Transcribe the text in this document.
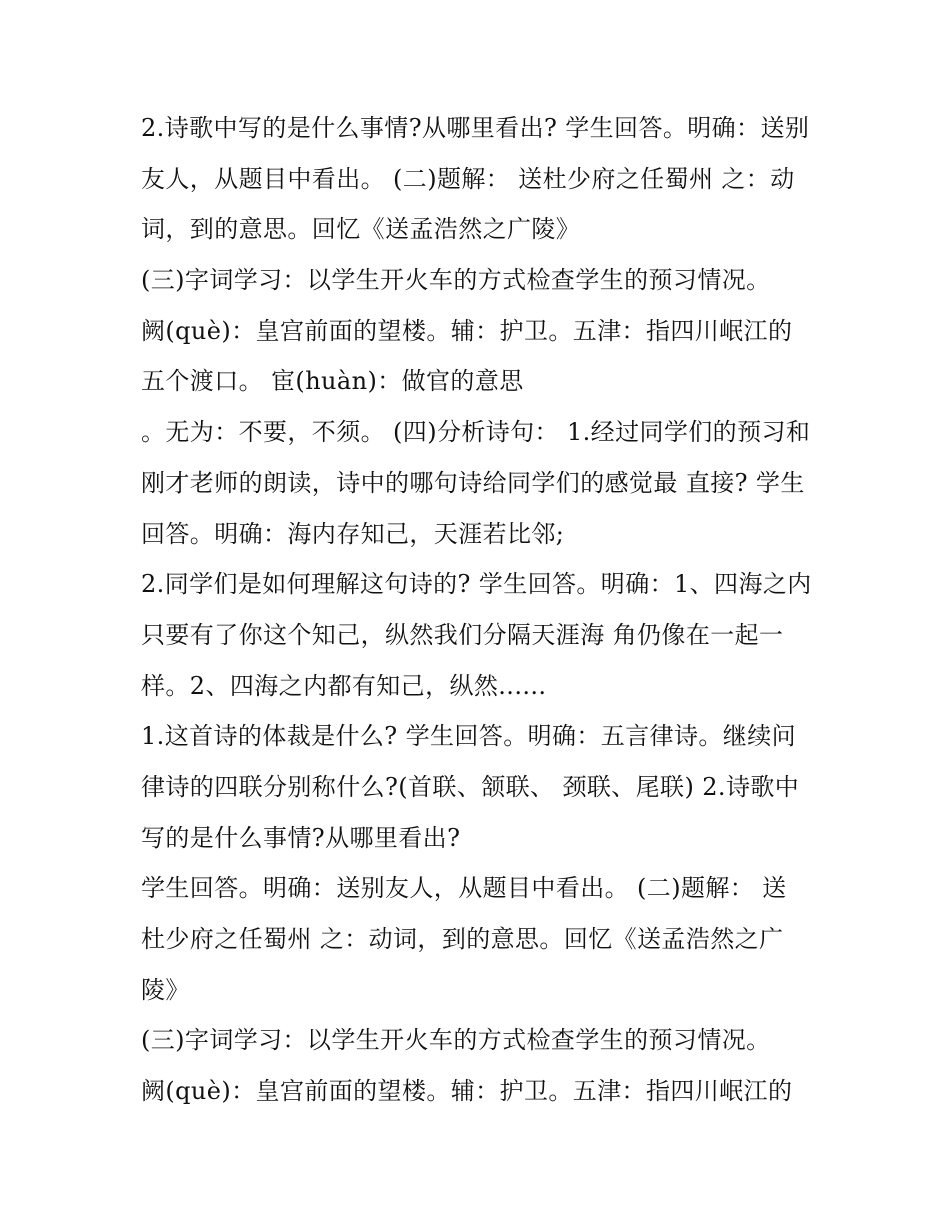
2.诗歌中写的是什么事情?从哪里看出? 学生回答。明确：送别
友人，从题目中看出。 (二)题解： 送杜少府之任蜀州 之：动
词，到的意思。回忆《送孟浩然之广陵》
(三)字词学习：以学生开火车的方式检查学生的预习情况。
阙(què)：皇宫前面的望楼。辅：护卫。五津：指四川岷江的
五个渡口。 宦(huàn)：做官的意思
。无为：不要，不须。 (四)分析诗句： 1.经过同学们的预习和
刚才老师的朗读，诗中的哪句诗给同学们的感觉最 直接? 学生
回答。明确：海内存知己，天涯若比邻;
2.同学们是如何理解这句诗的? 学生回答。明确：1、四海之内
只要有了你这个知己，纵然我们分隔天涯海 角仍像在一起一
样。2、四海之内都有知己，纵然......
1.这首诗的体裁是什么? 学生回答。明确：五言律诗。继续问
律诗的四联分别称什么?(首联、颔联、 颈联、尾联) 2.诗歌中
写的是什么事情?从哪里看出?
学生回答。明确：送别友人，从题目中看出。 (二)题解： 送
杜少府之任蜀州 之：动词，到的意思。回忆《送孟浩然之广
陵》
(三)字词学习：以学生开火车的方式检查学生的预习情况。
阙(què)：皇宫前面的望楼。辅：护卫。五津：指四川岷江的
